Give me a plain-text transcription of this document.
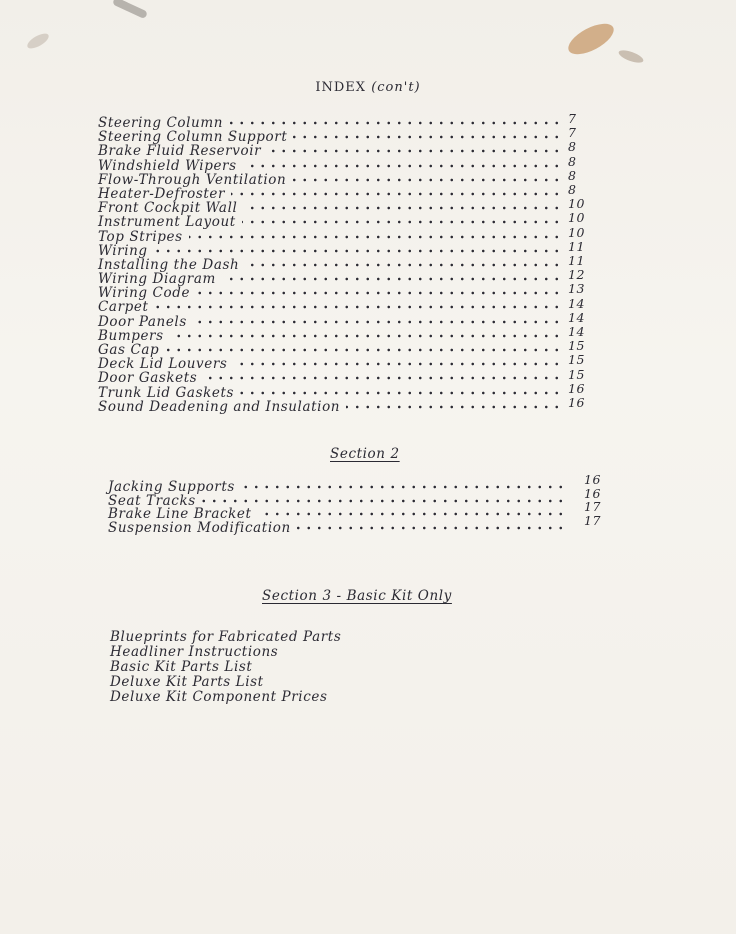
INDEX (con't)
Steering Column
Steering Column Support
Brake Fluid Reservoir
Windshield Wipers
Flow-Through Ventilation
Heater-Defroster
Front Cockpit Wall
Instrument Layout
Top Stripes
Wiring
Installing the Dash
Wiring Diagram
Wiring Code
Carpet
Door Panels
Bumpers
Gas Cap
Deck Lid Louvers
Door Gaskets
Trunk Lid Gaskets
Sound Deadening and Insulation
7
7
8
8
8
8
10
10
10
11
11
12
13
14
14
14
15
15
15
16
16
Section 2
Jacking Supports
Seat Tracks
Brake Line Bracket
Suspension Modification
16
16
17
17
Section 3 - Basic Kit Only
Blueprints for Fabricated Parts
Headliner Instructions
Basic Kit Parts List
Deluxe Kit Parts List
Deluxe Kit Component Prices
